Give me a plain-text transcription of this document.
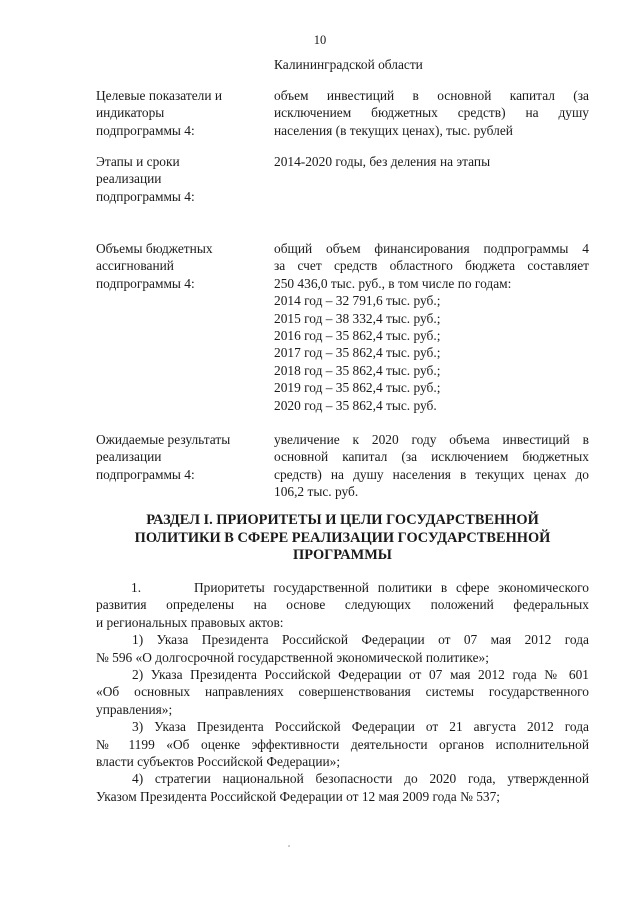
10
Калининградской области
Целевые показатели и
индикаторы
подпрограммы 4:
объем инвестиций в основной капитал (за
исключением бюджетных средств) на душу
населения (в текущих ценах), тыс. рублей
Этапы и сроки
реализации
подпрограммы 4:
2014-2020 годы, без деления на этапы
Объемы бюджетных
ассигнований
подпрограммы 4:
общий объем финансирования подпрограммы 4
за счет средств областного бюджета составляет
250 436,0 тыс. руб., в том числе по годам:
2014 год – 32 791,6 тыс. руб.;
2015 год – 38 332,4 тыс. руб.;
2016 год – 35 862,4 тыс. руб.;
2017 год – 35 862,4 тыс. руб.;
2018 год – 35 862,4 тыс. руб.;
2019 год – 35 862,4 тыс. руб.;
2020 год – 35 862,4 тыс. руб.
Ожидаемые результаты
реализации
подпрограммы 4:
увеличение к 2020 году объема инвестиций в
основной капитал (за исключением бюджетных
средств) на душу населения в текущих ценах до
106,2 тыс. руб.
РАЗДЕЛ I. ПРИОРИТЕТЫ И ЦЕЛИ ГОСУДАРСТВЕННОЙ
ПОЛИТИКИ В СФЕРЕ РЕАЛИЗАЦИИ ГОСУДАРСТВЕННОЙ
ПРОГРАММЫ
1.      Приоритеты государственной политики в сфере экономического
развития определены на основе следующих положений федеральных
и региональных правовых актов:
1) Указа Президента Российской Федерации от 07 мая 2012 года
№ 596 «О долгосрочной государственной экономической политике»;
2) Указа Президента Российской Федерации от 07 мая 2012 года № 601
«Об основных направлениях совершенствования системы государственного
управления»;
3) Указа Президента Российской Федерации от 21 августа 2012 года
№ 1199 «Об оценке эффективности деятельности органов исполнительной
власти субъектов Российской Федерации»;
4) стратегии национальной безопасности до 2020 года, утвержденной
Указом Президента Российской Федерации от 12 мая 2009 года № 537;
